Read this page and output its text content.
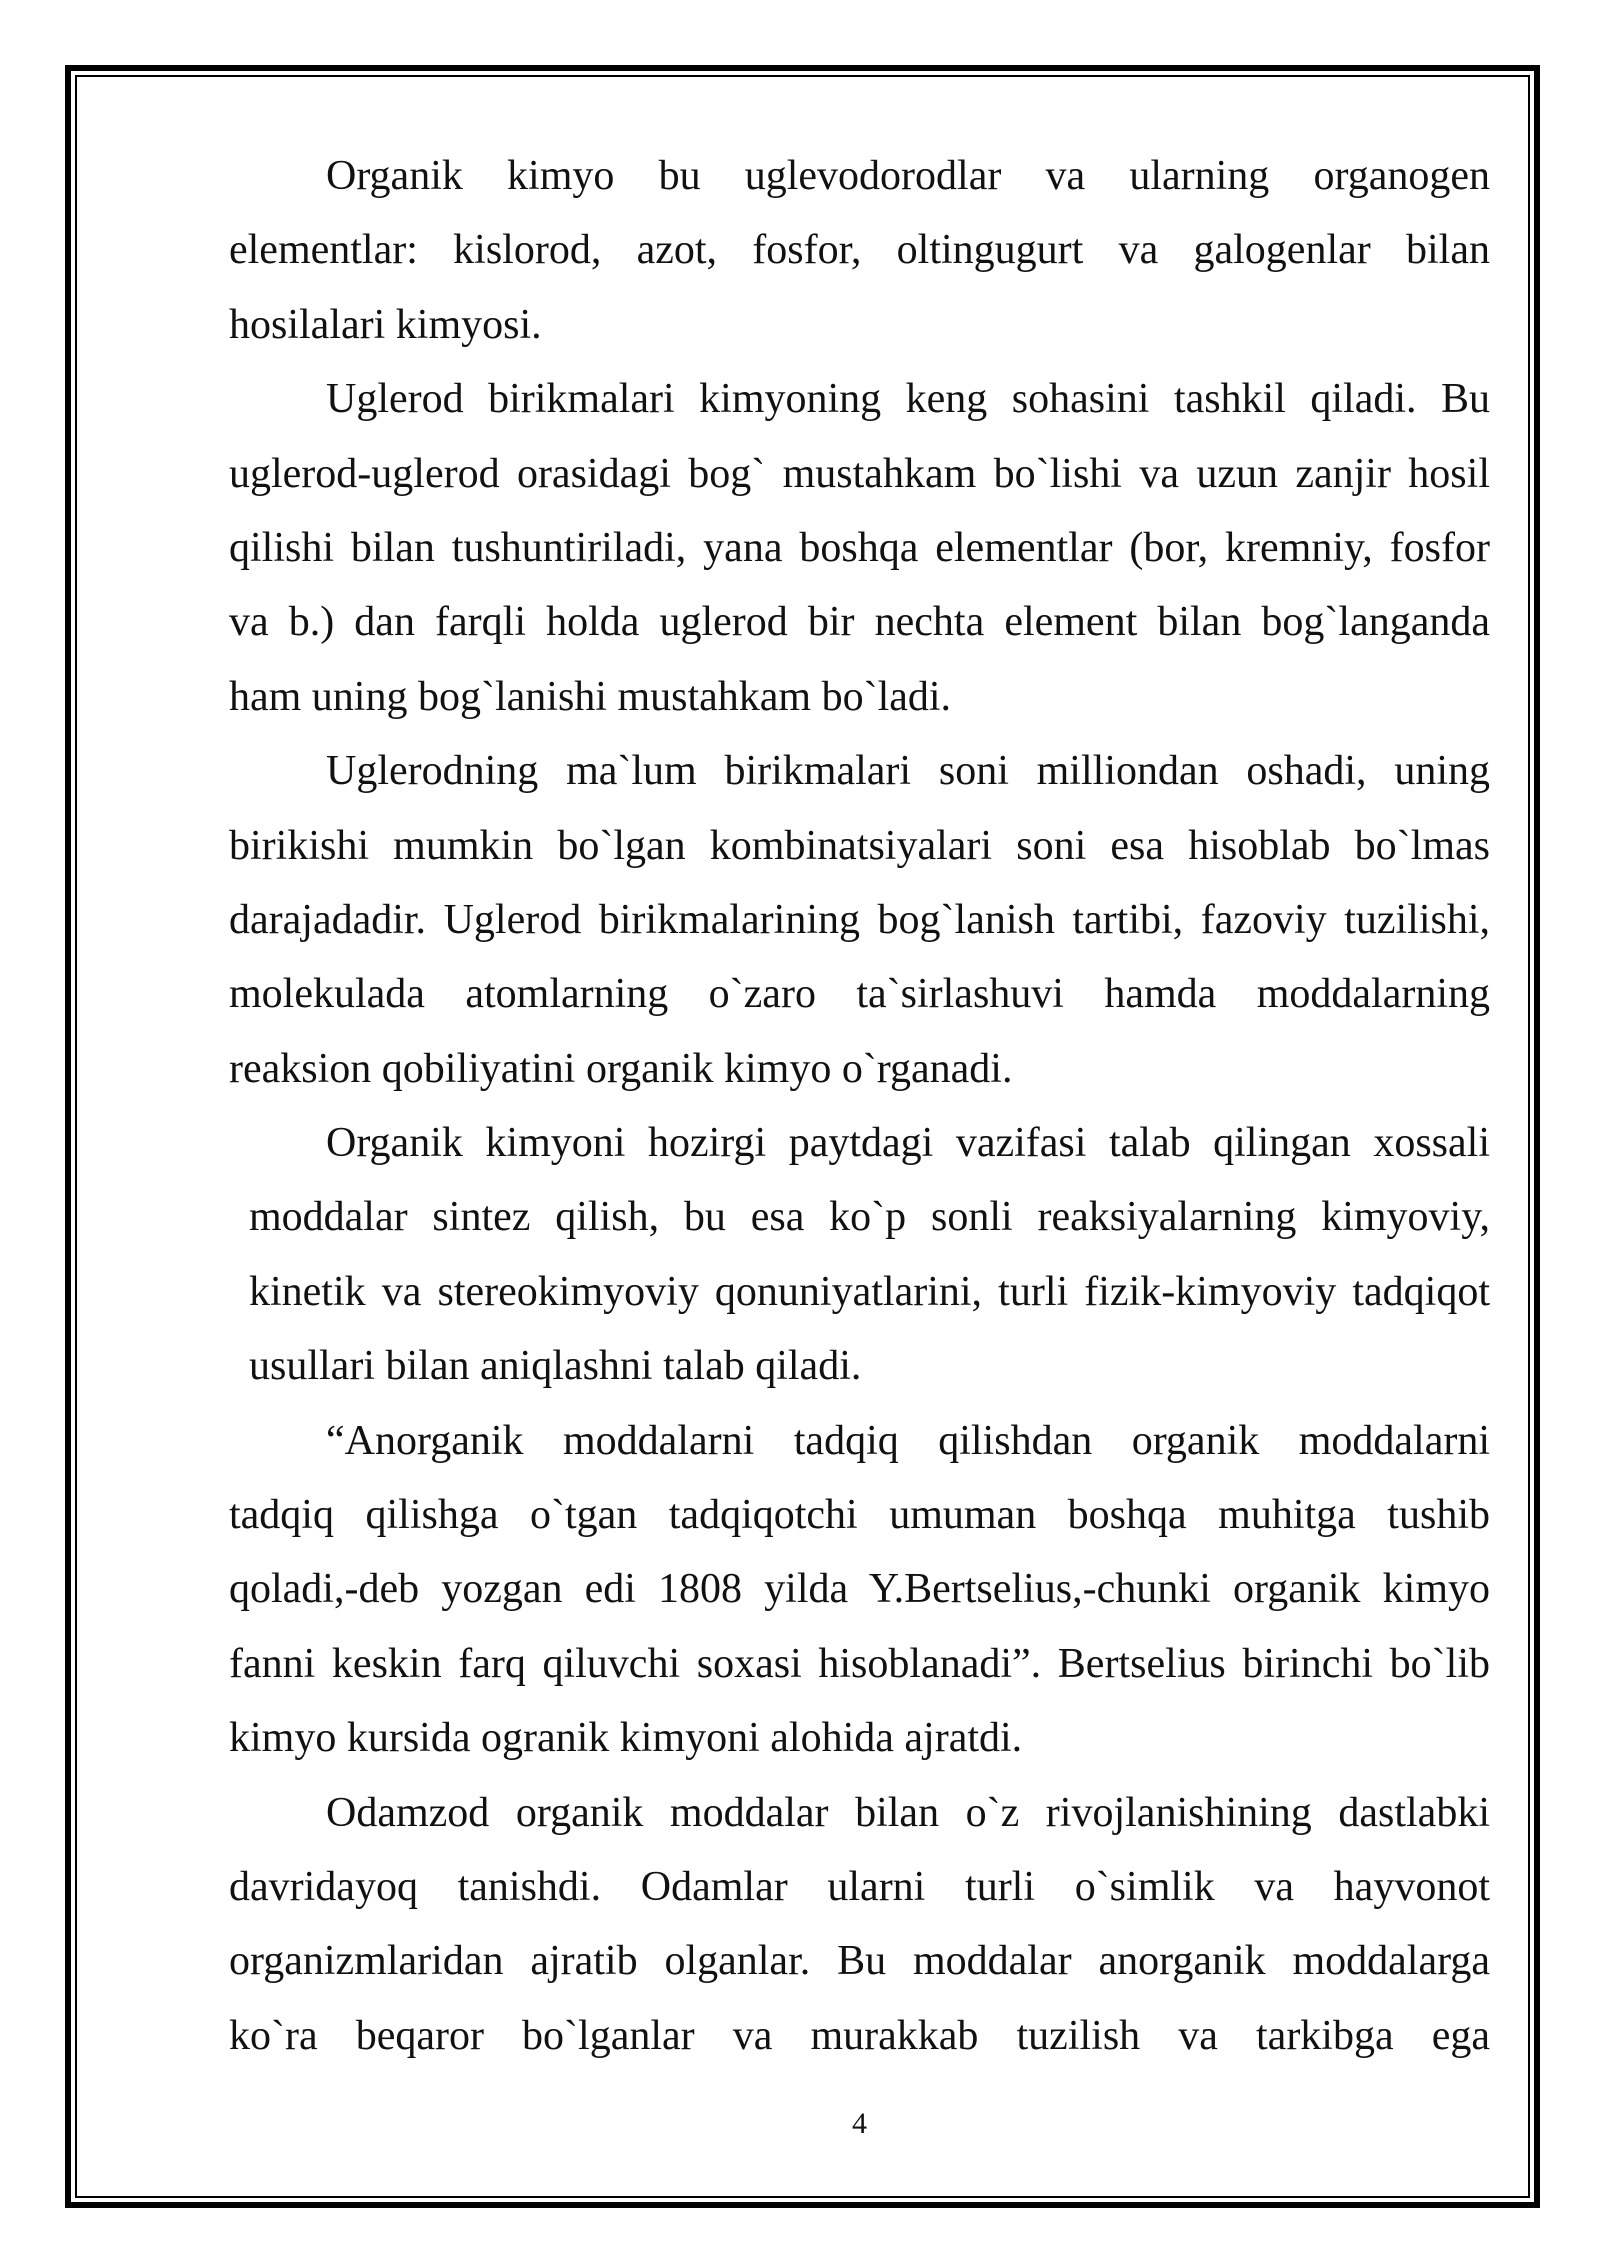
Organik kimyo bu uglevodorodlar va ularning organogen
elementlar: kislorod, azot, fosfor, oltingugurt va galogenlar bilan
hosilalari kimyosi.
Uglerod birikmalari kimyoning keng sohasini tashkil qiladi. Bu
uglerod-uglerod orasidagi bog` mustahkam bo`lishi va uzun zanjir hosil
qilishi bilan tushuntiriladi, yana boshqa elementlar (bor, kremniy, fosfor
va b.) dan farqli holda uglerod bir nechta element bilan bog`langanda
ham uning bog`lanishi mustahkam bo`ladi.
Uglerodning ma`lum birikmalari soni milliondan oshadi, uning
birikishi mumkin bo`lgan kombinatsiyalari soni esa hisoblab bo`lmas
darajadadir. Uglerod birikmalarining bog`lanish tartibi, fazoviy tuzilishi,
molekulada atomlarning o`zaro ta`sirlashuvi hamda moddalarning
reaksion qobiliyatini organik kimyo o`rganadi.
Organik kimyoni hozirgi paytdagi vazifasi talab qilingan xossali
moddalar sintez qilish, bu esa ko`p sonli reaksiyalarning kimyoviy,
kinetik va stereokimyoviy qonuniyatlarini, turli fizik-kimyoviy tadqiqot
usullari bilan aniqlashni talab qiladi.
“Anorganik moddalarni tadqiq qilishdan organik moddalarni
tadqiq qilishga o`tgan tadqiqotchi umuman boshqa muhitga tushib
qoladi,-deb yozgan edi 1808 yilda Y.Bertselius,-chunki organik kimyo
fanni keskin farq qiluvchi soxasi hisoblanadi”. Bertselius birinchi bo`lib
kimyo kursida ogranik kimyoni alohida ajratdi.
Odamzod organik moddalar bilan o`z rivojlanishining dastlabki
davridayoq tanishdi. Odamlar ularni turli o`simlik va hayvonot
organizmlaridan ajratib olganlar. Bu moddalar anorganik moddalarga
ko`ra beqaror bo`lganlar va murakkab tuzilish va tarkibga ega
4
